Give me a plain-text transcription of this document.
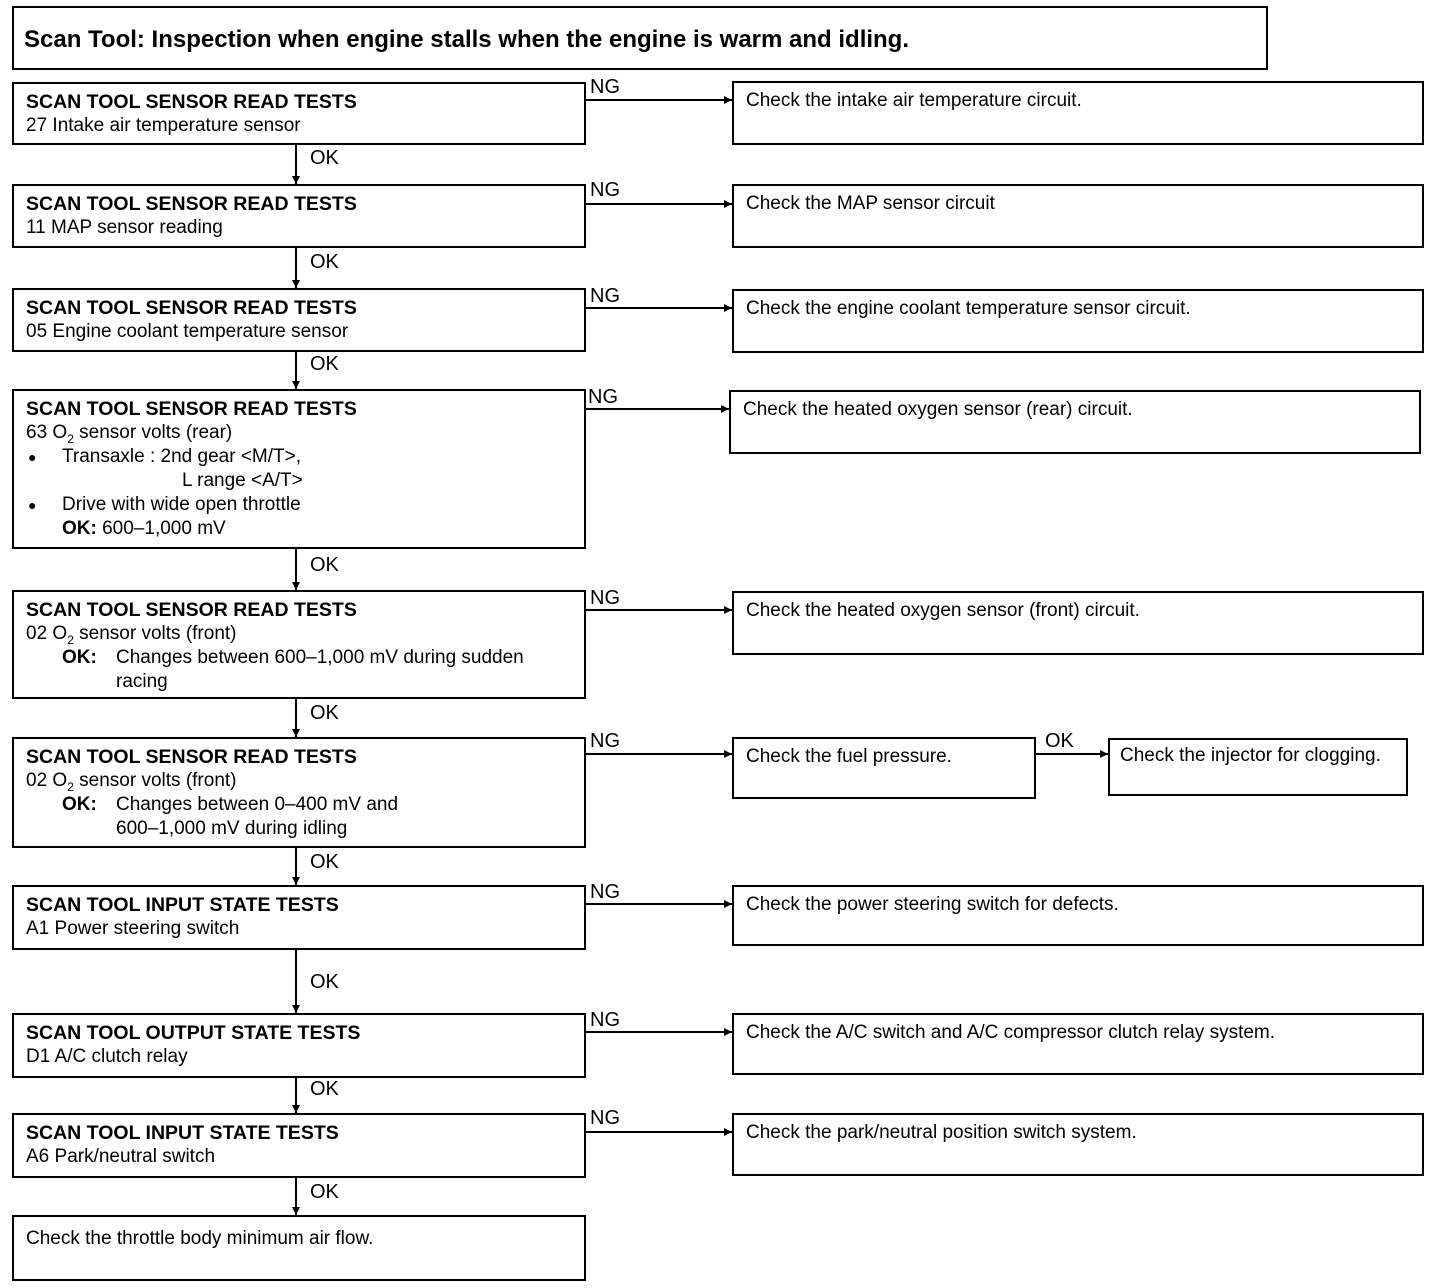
Scan Tool: Inspection when engine stalls when the engine is warm and idling.
SCAN TOOL SENSOR READ TESTS
27 Intake air temperature sensor
Check the intake air temperature circuit.
SCAN TOOL SENSOR READ TESTS
11 MAP sensor reading
Check the MAP sensor circuit
SCAN TOOL SENSOR READ TESTS
05 Engine coolant temperature sensor
Check the engine coolant temperature sensor circuit.
SCAN TOOL SENSOR READ TESTS
63 $O_2$ sensor volts (rear)
● Transaxle : 2nd gear <M/T>,
L range <A/T>
● Drive with wide open throttle
OK: 600–1,000 mV
Check the heated oxygen sensor (rear) circuit.
SCAN TOOL SENSOR READ TESTS
02 $O_2$ sensor volts (front)
OK:	Changes between 600–1,000 mV during sudden racing
Check the heated oxygen sensor (front) circuit.
SCAN TOOL SENSOR READ TESTS
02 $O_2$ sensor volts (front)
OK:	Changes between 0–400 mV and
600–1,000 mV during idling
Check the fuel pressure.	Check the injector for clogging.
SCAN TOOL INPUT STATE TESTS
A1 Power steering switch
Check the power steering switch for defects.
SCAN TOOL OUTPUT STATE TESTS
D1 A/C clutch relay
Check the A/C switch and A/C compressor clutch relay system.
SCAN TOOL INPUT STATE TESTS
A6 Park/neutral switch
Check the park/neutral position switch system.
Check the throttle body minimum air flow.
NG
NG
NG
NG
NG
NG
NG
NG
NG
OK
OK
OK
OK
OK
OK
OK
OK
OK
OK
